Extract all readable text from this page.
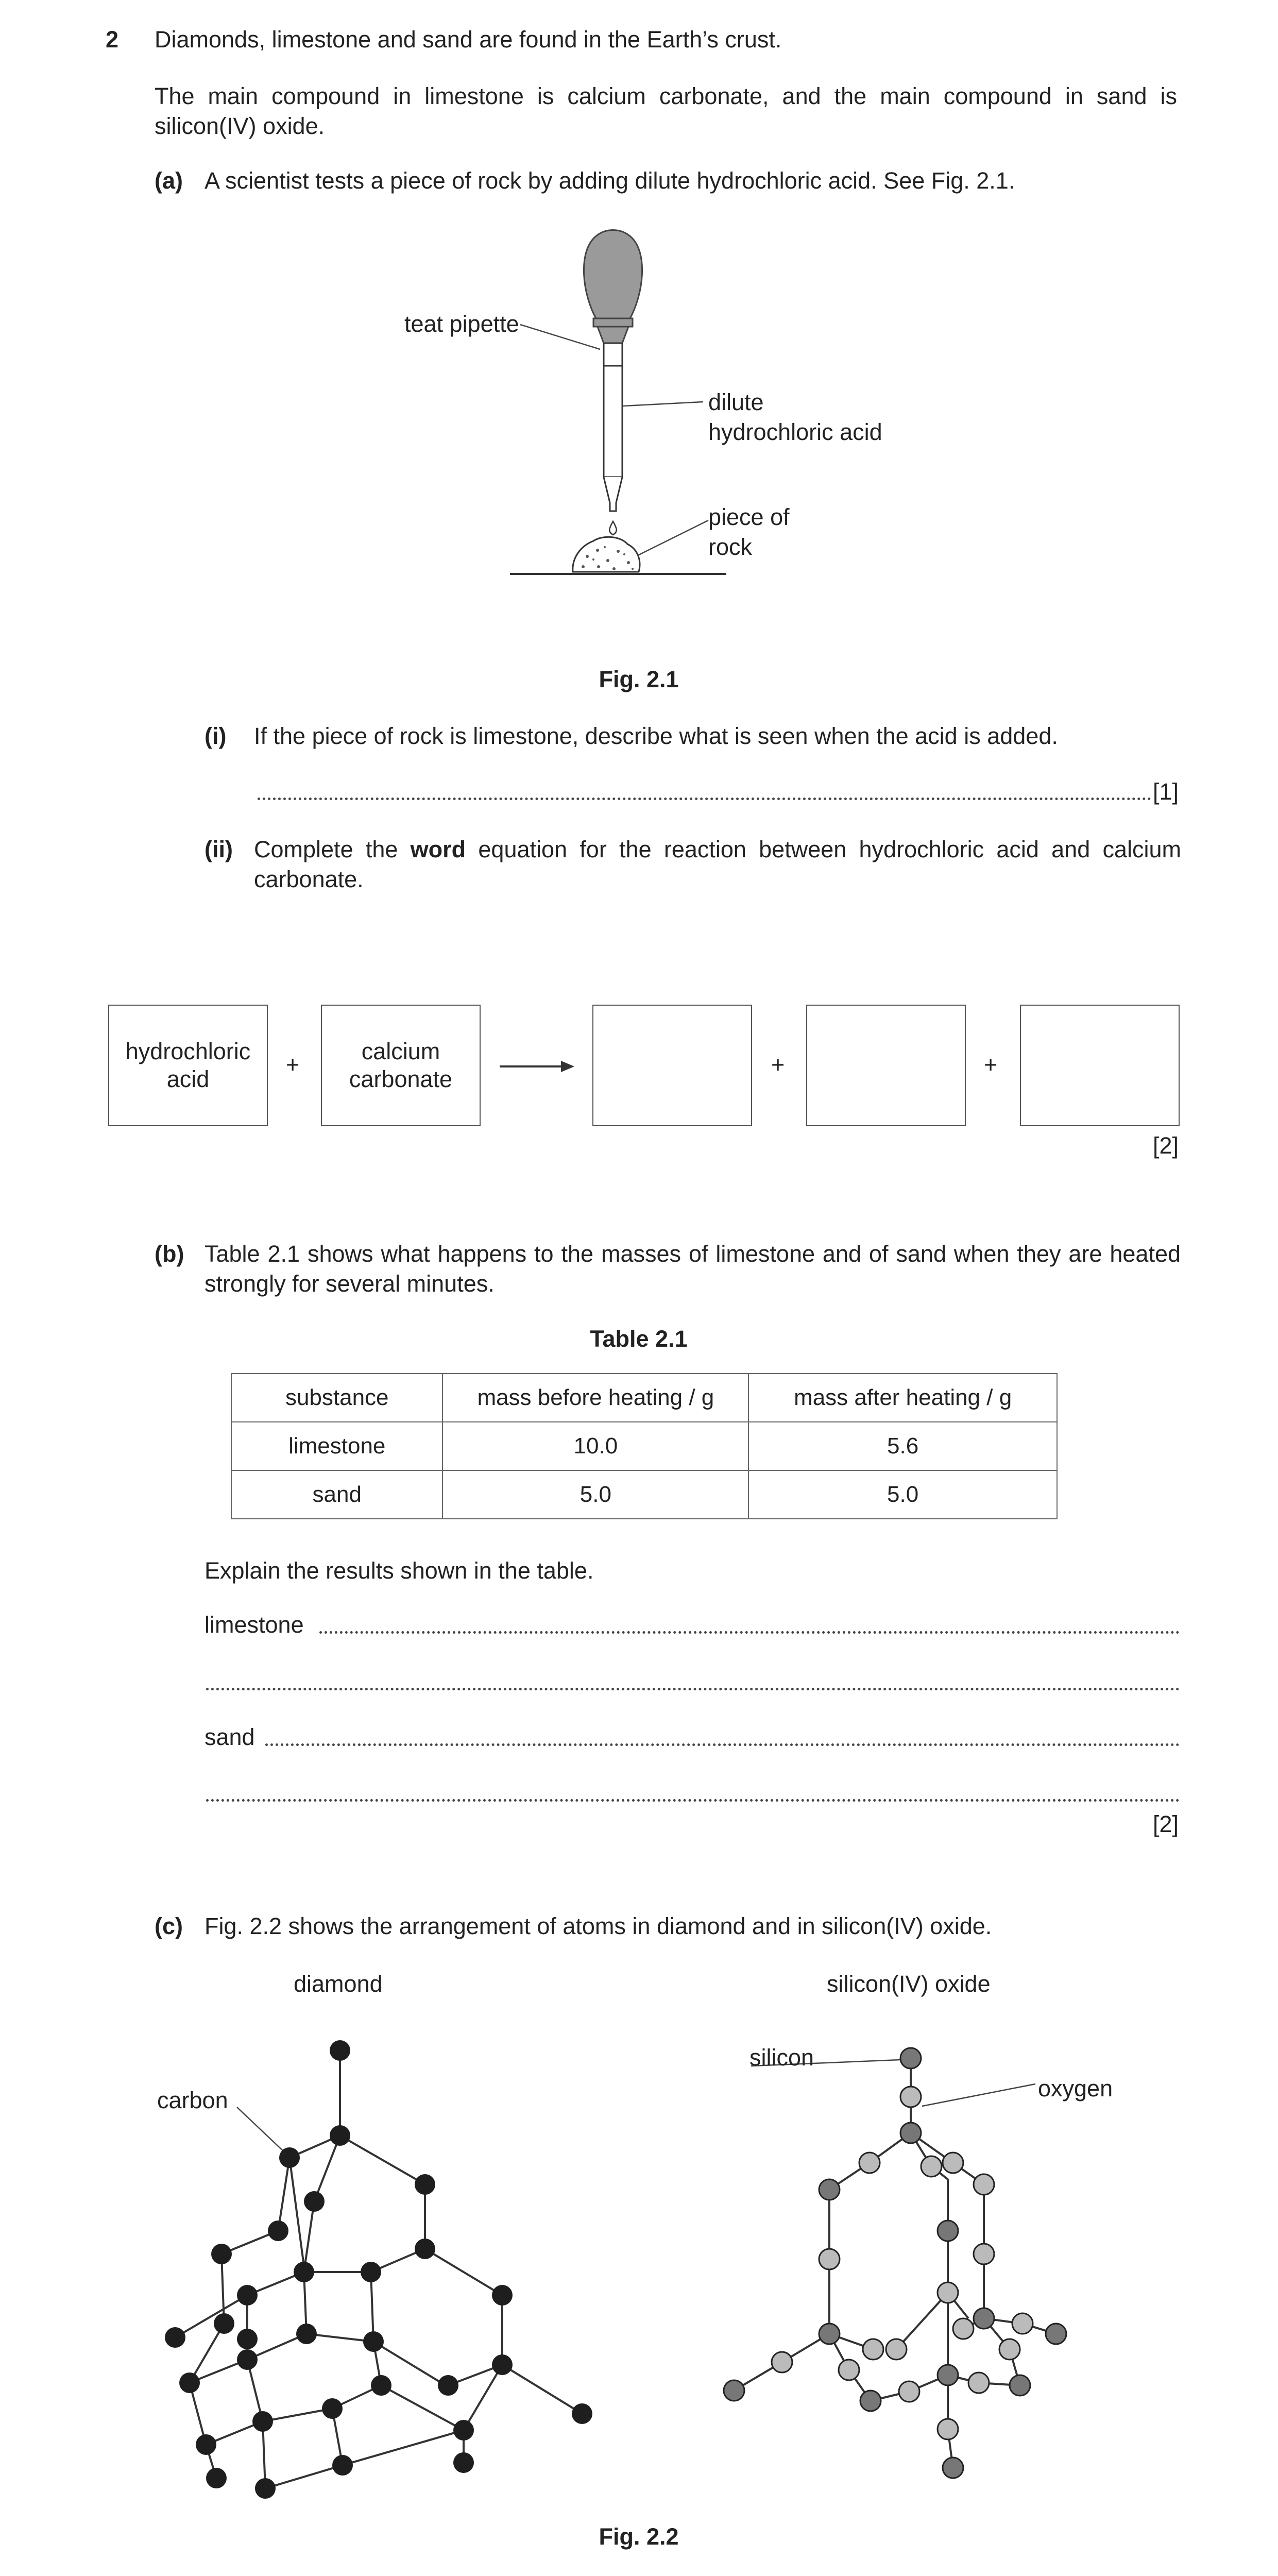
2 Diamonds, limestone and sand are found in the Earth’s crust.
The main compound in limestone is calcium carbonate, and the main compound in sand is silicon(IV) oxide.
(a) A scientist tests a piece of rock by adding dilute hydrochloric acid. See Fig. 2.1.
teat pipette
dilute
hydrochloric acid
piece of
rock
Fig. 2.1
(i) If the piece of rock is limestone, describe what is seen when the acid is added.
[1]
(ii) Complete the word equation for the reaction between hydrochloric acid and calcium carbonate.
hydrochloric
acid
+
calcium
carbonate
+	+
[2]
(b) Table 2.1 shows what happens to the masses of limestone and of sand when they are heated strongly for several minutes.
Table 2.1
substance	mass before heating / g	mass after heating / g
limestone	10.0	5.6
sand	5.0	5.0
Explain the results shown in the table.
limestone
sand
[2]
(c) Fig. 2.2 shows the arrangement of atoms in diamond and in silicon(IV) oxide.
diamond	silicon(IV) oxide
carbon
silicon
oxygen
Fig. 2.2
